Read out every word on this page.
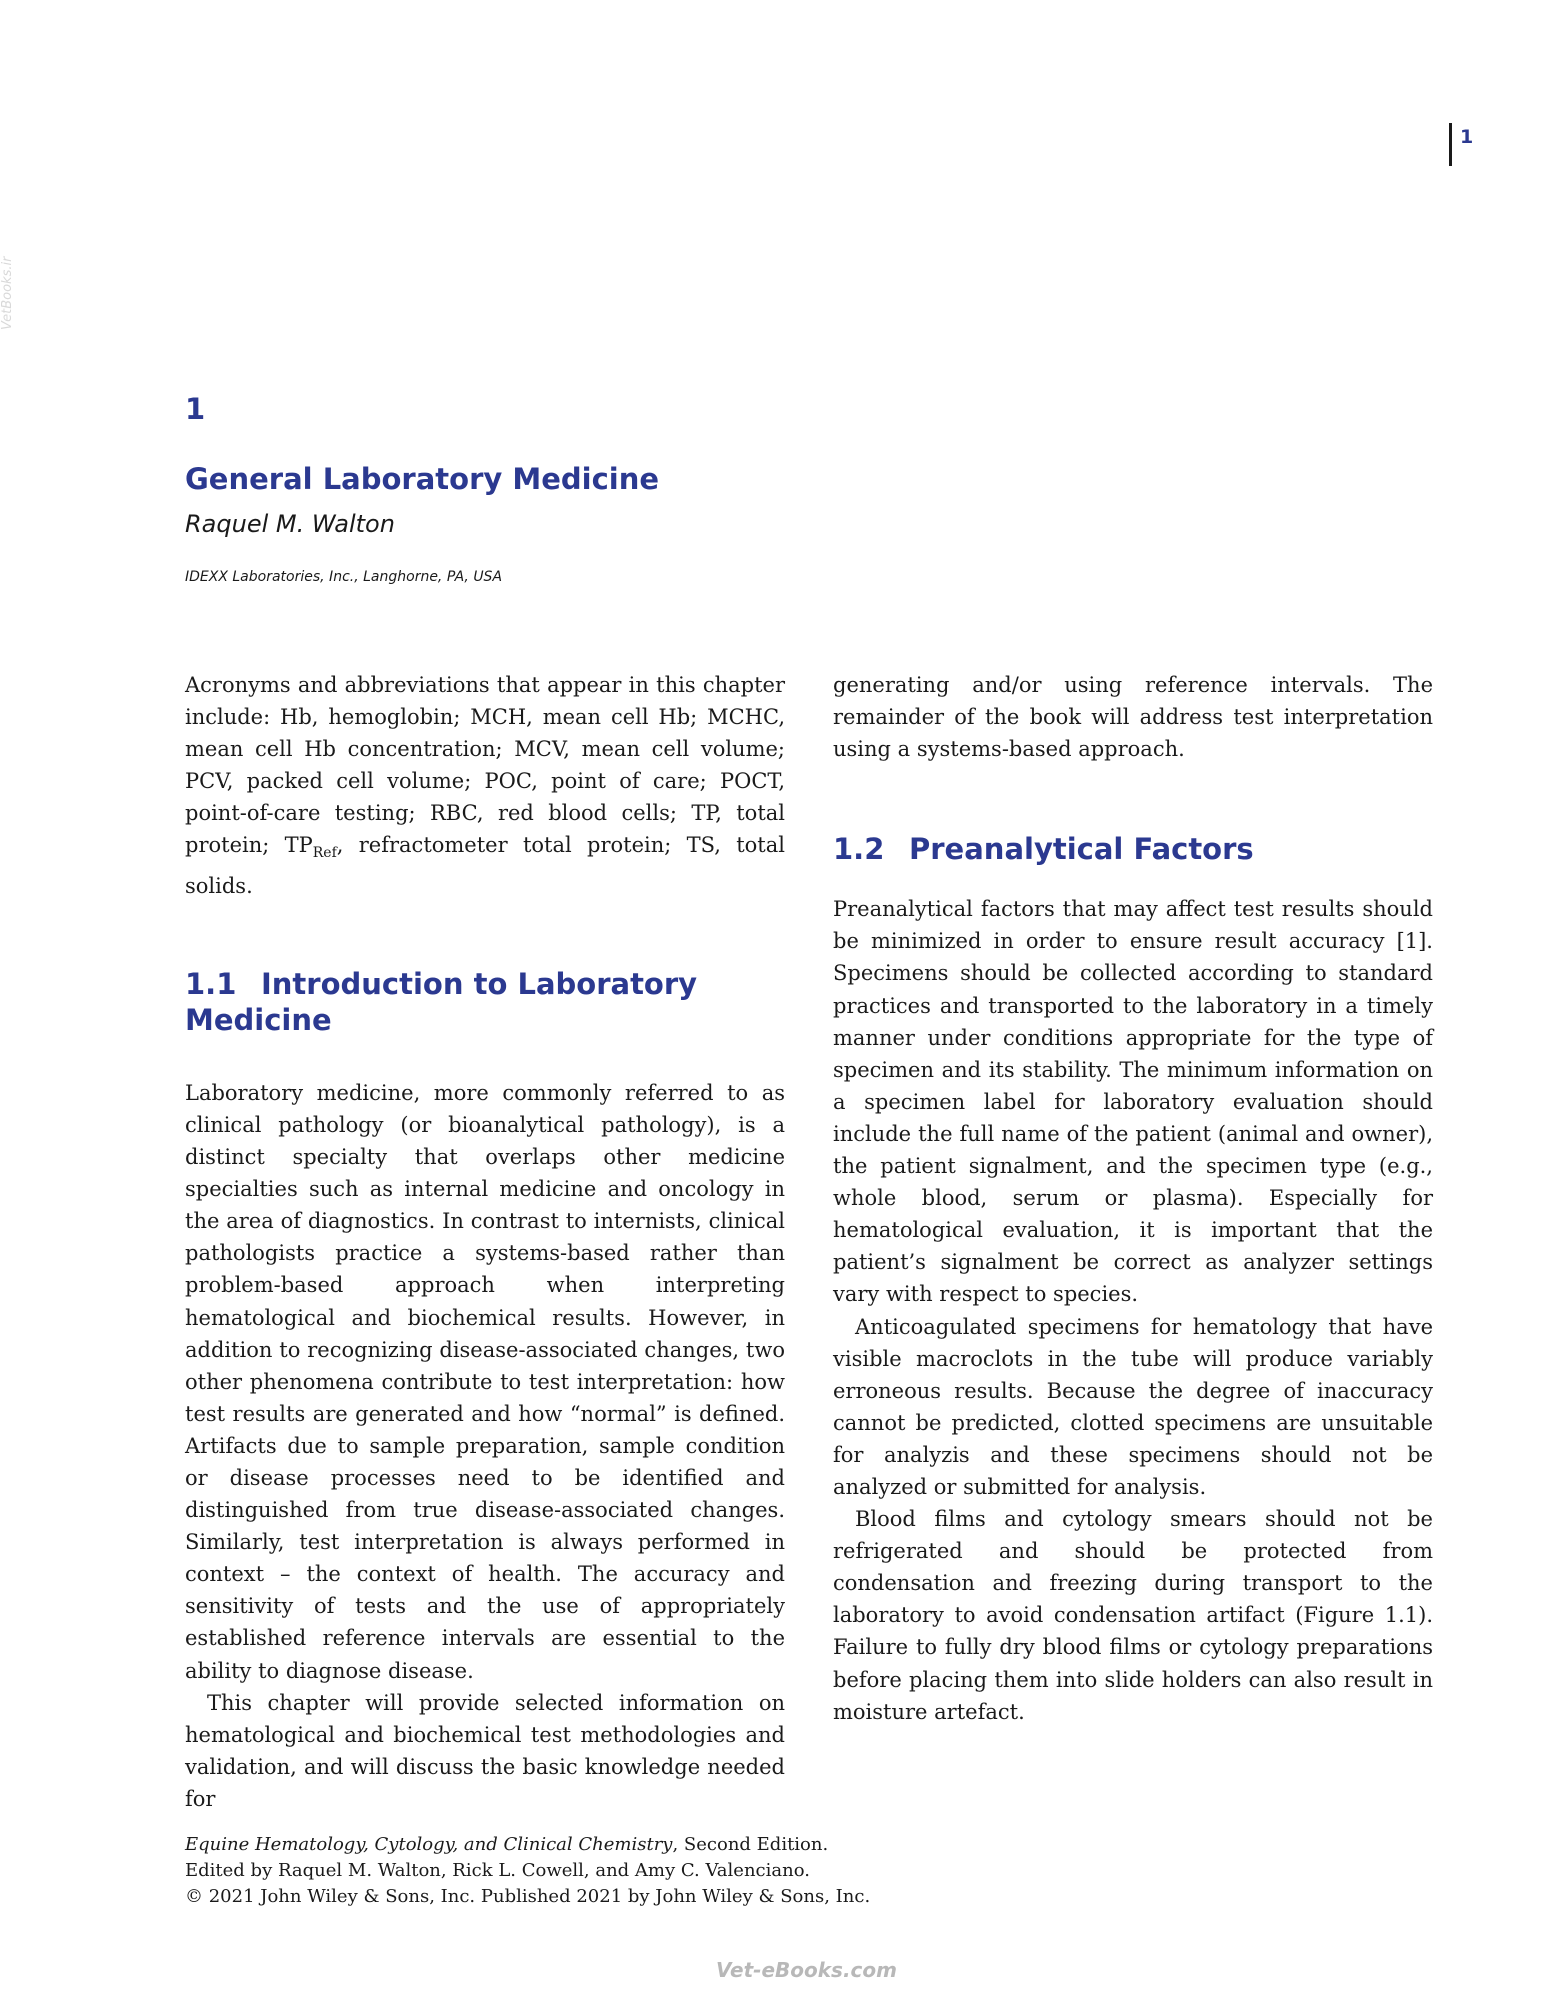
1
VetBooks.ir
1
General Laboratory Medicine
Raquel M. Walton
IDEXX Laboratories, Inc., Langhorne, PA, USA

Acronyms and abbreviations that appear in this chapter include: Hb, hemoglobin; MCH, mean cell Hb; MCHC, mean cell Hb concentration; MCV, mean cell volume; PCV, packed cell volume; POC, point of care; POCT, point-of-care testing; RBC, red blood cells; TP, total protein; $TP_{Ref}$, refractometer total protein; TS, total solids.

1.1 Introduction to Laboratory Medicine

Laboratory medicine, more commonly referred to as clinical pathology (or bioanalytical pathology), is a distinct specialty that overlaps other medicine specialties such as internal medicine and oncology in the area of diagnostics. In contrast to internists, clinical pathologists practice a systems-based rather than problem-based approach when interpreting hematological and biochemical results. However, in addition to recognizing disease-associated changes, two other phenomena contribute to test interpretation: how test results are generated and how “normal” is defined. Artifacts due to sample preparation, sample condition or disease processes need to be identified and distinguished from true disease-associated changes. Similarly, test interpretation is always performed in context – the context of health. The accuracy and sensitivity of tests and the use of appropriately established reference intervals are essential to the ability to diagnose disease.

This chapter will provide selected information on hematological and biochemical test methodologies and validation, and will discuss the basic knowledge needed for

generating and/or using reference intervals. The remainder of the book will address test interpretation using a systems-based approach.

1.2 Preanalytical Factors

Preanalytical factors that may affect test results should be minimized in order to ensure result accuracy [1]. Specimens should be collected according to standard practices and transported to the laboratory in a timely manner under conditions appropriate for the type of specimen and its stability. The minimum information on a specimen label for laboratory evaluation should include the full name of the patient (animal and owner), the patient signalment, and the specimen type (e.g., whole blood, serum or plasma). Especially for hematological evaluation, it is important that the patient’s signalment be correct as analyzer settings vary with respect to species.

Anticoagulated specimens for hematology that have visible macroclots in the tube will produce variably erroneous results. Because the degree of inaccuracy cannot be predicted, clotted specimens are unsuitable for analyzis and these specimens should not be analyzed or submitted for analysis.

Blood films and cytology smears should not be refrigerated and should be protected from condensation and freezing during transport to the laboratory to avoid condensation artifact (Figure 1.1). Failure to fully dry blood films or cytology preparations before placing them into slide holders can also result in moisture artefact.

Equine Hematology, Cytology, and Clinical Chemistry, Second Edition.
Edited by Raquel M. Walton, Rick L. Cowell, and Amy C. Valenciano.
© 2021 John Wiley & Sons, Inc. Published 2021 by John Wiley & Sons, Inc.
Vet-eBooks.com
